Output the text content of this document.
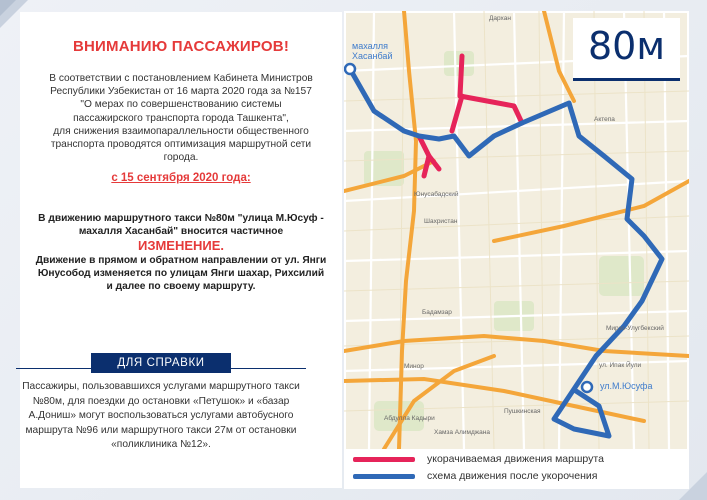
ВНИМАНИЮ ПАССАЖИРОВ!
В соответствии с постановлением Кабинета Министров
Республики Узбекистан от 16 марта 2020 года за №157
"О мерах по совершенствованию системы
пассажирского транспорта города Ташкента",
для снижения взаимопараллельности общественного
транспорта проводятся оптимизация маршрутной сети города.
с 15 сентября 2020 года:
В движению маршрутного такси №80м "улица М.Юсуф -
махалля Хасанбай" вносится частичное
ИЗМЕНЕНИЕ.
Движение в прямом и обратном направлении от ул. Янги
Юнусобод изменяется по улицам Янги шахар, Рихсилий
и далее по своему маршруту.
ДЛЯ СПРАВКИ
Пассажиры, пользовавшихся услугами маршрутного такси
№80м, для поездки до остановки «Петушок» и «базар
А.Дониш» могут воспользоваться услугами автобусного
маршрута №96 или маршрутного такси 27м от остановки
«поликлиника №12».
махалля
Хасанбай
ул.М.Юсуфа
Дархан
Актепа
Юнусабадский
Шахристан
Бадамзар
Минор
Мирзо-Улугбекский
Абдулла Кадыри
Хамза Алимджана
Пушкинская
ул. Ипак Йули
80м
укорачиваемая движения маршрута
схема движения после укорочения
